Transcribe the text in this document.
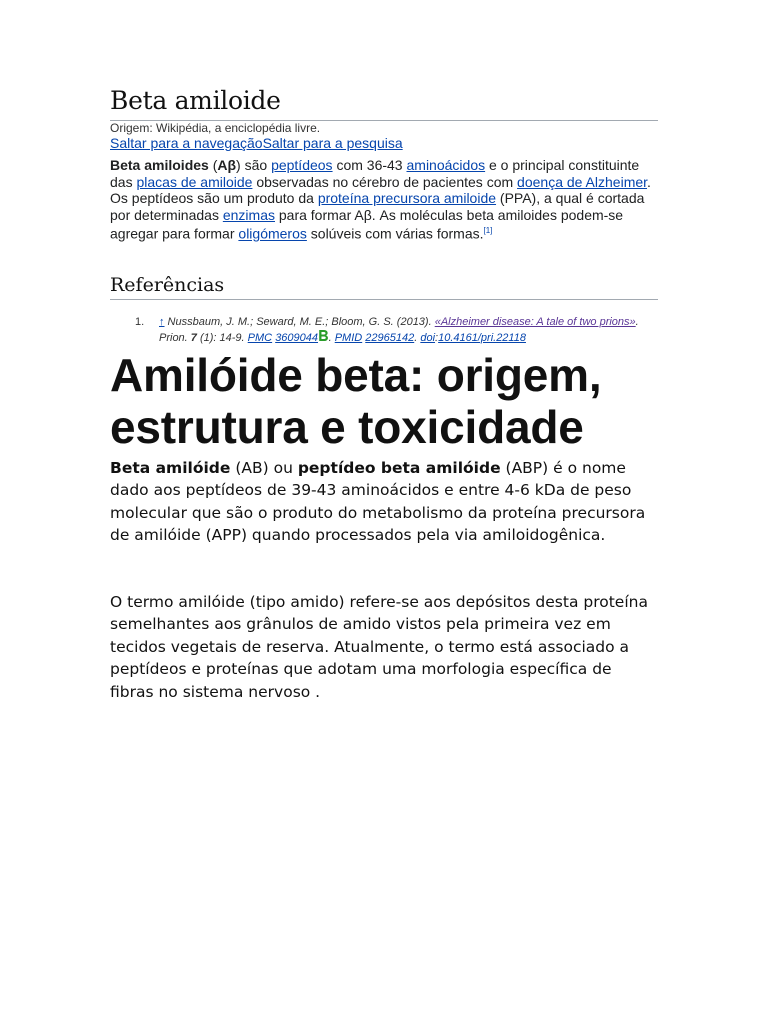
Beta amiloide
Origem: Wikipédia, a enciclopédia livre.
Saltar para a navegaçãoSaltar para a pesquisa
Beta amiloides (Aβ) são peptídeos com 36-43 aminoácidos e o principal constituinte das placas de amiloide observadas no cérebro de pacientes com doença de Alzheimer. Os peptídeos são um produto da proteína precursora amiloide (PPA), a qual é cortada por determinadas enzimas para formar Aβ. As moléculas beta amiloides podem-se agregar para formar oligómeros solúveis com várias formas.[1]
Referências
1. ↑ Nussbaum, J. M.; Seward, M. E.; Bloom, G. S. (2013). «Alzheimer disease: A tale of two prions». Prion. 7 (1): 14-9. PMC 3609044𝚩. PMID 22965142. doi:10.4161/pri.22118
Amilóide beta: origem, estrutura e toxicidade
Beta amilóide (AB) ou peptídeo beta amilóide (ABP) é o nome dado aos peptídeos de 39-43 aminoácidos e entre 4-6 kDa de peso molecular que são o produto do metabolismo da proteína precursora de amilóide (APP) quando processados pela via amiloidogênica.
O termo amilóide (tipo amido) refere-se aos depósitos desta proteína semelhantes aos grânulos de amido vistos pela primeira vez em tecidos vegetais de reserva. Atualmente, o termo está associado a peptídeos e proteínas que adotam uma morfologia específica de fibras no sistema nervoso .
